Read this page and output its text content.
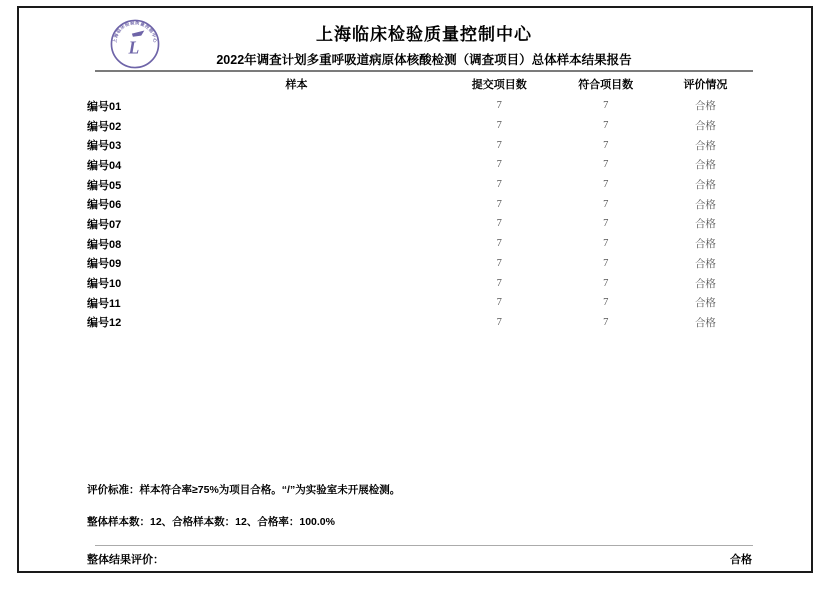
上海临床检验质量控制中心
L
上海临床检验质量控制中心
2022年调查计划多重呼吸道病原体核酸检测（调查项目）总体样本结果报告
样本	提交项目数	符合项目数	评价情况
编号01	7	7	合格
编号02	7	7	合格
编号03	7	7	合格
编号04	7	7	合格
编号05	7	7	合格
编号06	7	7	合格
编号07	7	7	合格
编号08	7	7	合格
编号09	7	7	合格
编号10	7	7	合格
编号11	7	7	合格
编号12	7	7	合格
评价标准：样本符合率≥75%为项目合格。“/”为实验室未开展检测。
整体样本数：12、合格样本数：12、合格率：100.0%
整体结果评价：	合格
